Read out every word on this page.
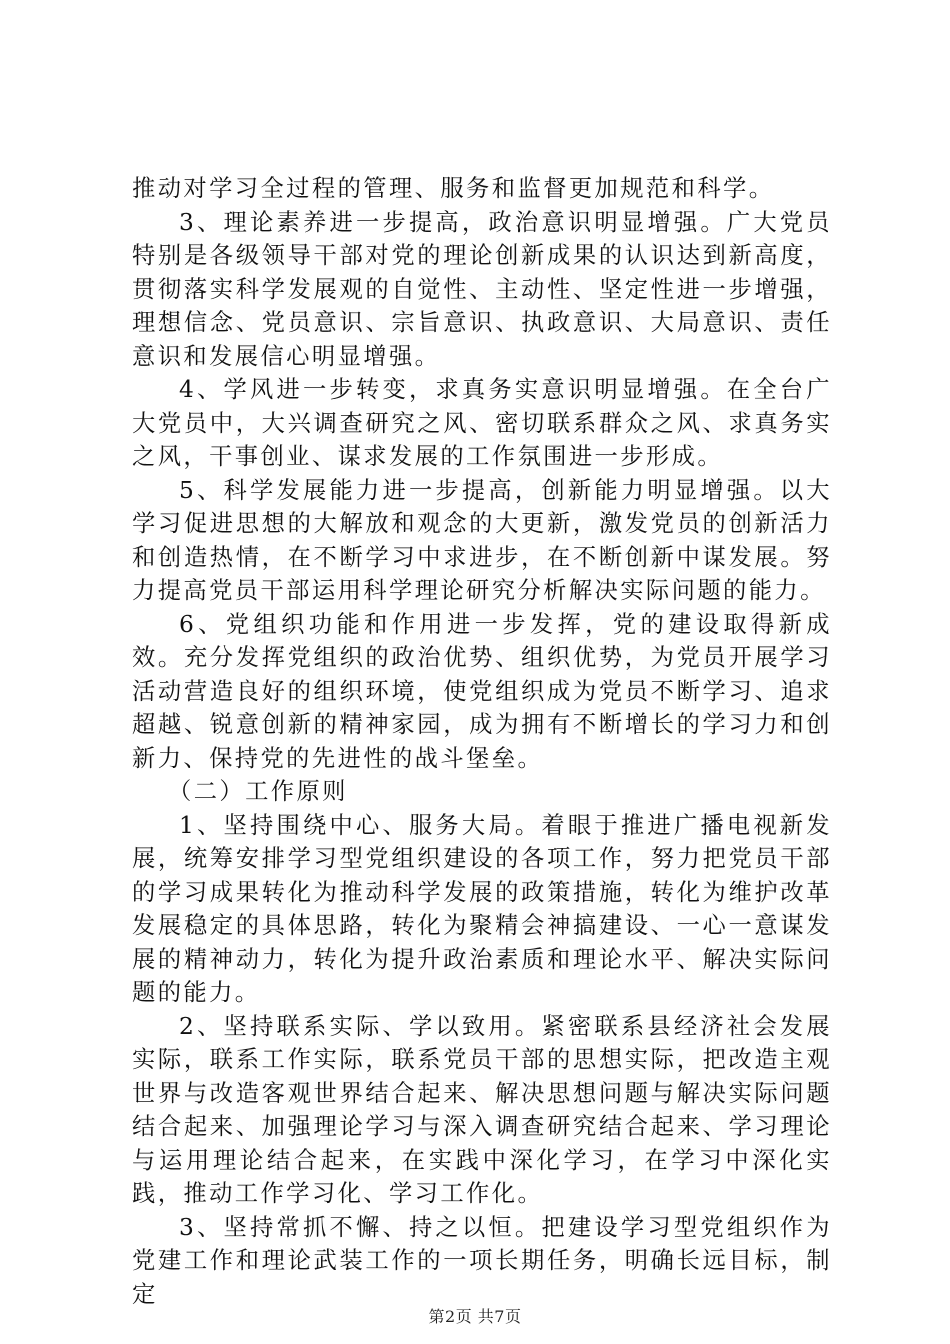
推动对学习全过程的管理、服务和监督更加规范和科学。

3、理论素养进一步提高，政治意识明显增强。广大党员特别是各级领导干部对党的理论创新成果的认识达到新高度，贯彻落实科学发展观的自觉性、主动性、坚定性进一步增强，理想信念、党员意识、宗旨意识、执政意识、大局意识、责任意识和发展信心明显增强。

4、学风进一步转变，求真务实意识明显增强。在全台广大党员中，大兴调查研究之风、密切联系群众之风、求真务实之风，干事创业、谋求发展的工作氛围进一步形成。

5、科学发展能力进一步提高，创新能力明显增强。以大学习促进思想的大解放和观念的大更新，激发党员的创新活力和创造热情，在不断学习中求进步，在不断创新中谋发展。努力提高党员干部运用科学理论研究分析解决实际问题的能力。

6、党组织功能和作用进一步发挥，党的建设取得新成效。充分发挥党组织的政治优势、组织优势，为党员开展学习活动营造良好的组织环境，使党组织成为党员不断学习、追求超越、锐意创新的精神家园，成为拥有不断增长的学习力和创新力、保持党的先进性的战斗堡垒。

（二）工作原则

1、坚持围绕中心、服务大局。着眼于推进广播电视新发展，统筹安排学习型党组织建设的各项工作，努力把党员干部的学习成果转化为推动科学发展的政策措施，转化为维护改革发展稳定的具体思路，转化为聚精会神搞建设、一心一意谋发展的精神动力，转化为提升政治素质和理论水平、解决实际问题的能力。

2、坚持联系实际、学以致用。紧密联系县经济社会发展实际，联系工作实际，联系党员干部的思想实际，把改造主观世界与改造客观世界结合起来、解决思想问题与解决实际问题结合起来、加强理论学习与深入调查研究结合起来、学习理论与运用理论结合起来，在实践中深化学习，在学习中深化实践，推动工作学习化、学习工作化。

3、坚持常抓不懈、持之以恒。把建设学习型党组织作为党建工作和理论武装工作的一项长期任务，明确长远目标，制定

第2页 共7页
